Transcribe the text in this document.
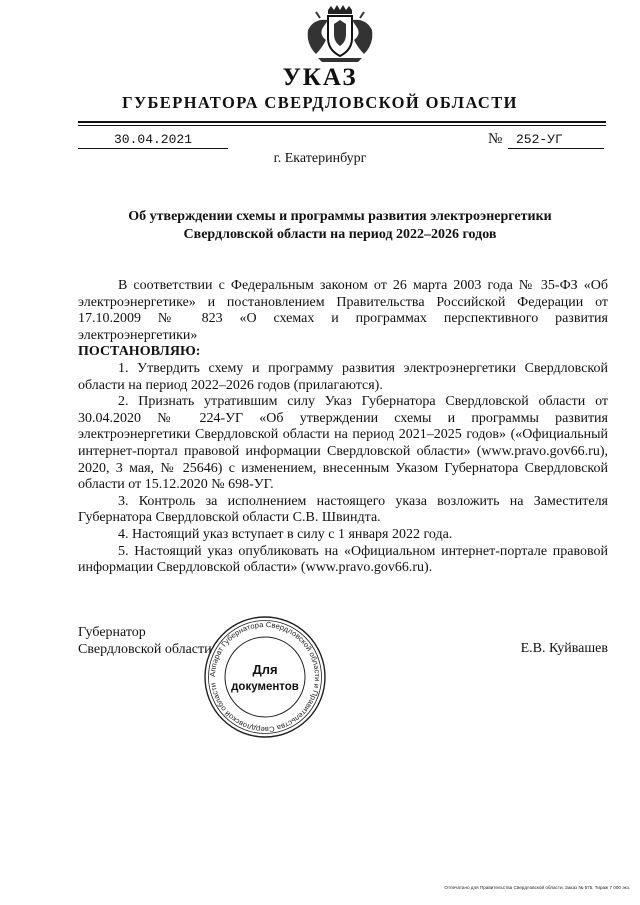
УКАЗ
ГУБЕРНАТОРА СВЕРДЛОВСКОЙ ОБЛАСТИ
30.04.2021	№	252-УГ
г. Екатеринбург
Об утверждении схемы и программы развития электроэнергетики
Свердловской области на период 2022–2026 годов

В соответствии с Федеральным законом от 26 марта 2003 года № 35-ФЗ «Об электроэнергетике» и постановлением Правительства Российской Федерации от 17.10.2009 № 823 «О схемах и программах перспективного развития электроэнергетики»

ПОСТАНОВЛЯЮ:

1. Утвердить схему и программу развития электроэнергетики Свердловской области на период 2022–2026 годов (прилагаются).

2. Признать утратившим силу Указ Губернатора Свердловской области от 30.04.2020 № 224-УГ «Об утверждении схемы и программы развития электроэнергетики Свердловской области на период 2021–2025 годов» («Официальный интернет-портал правовой информации Свердловской области» (www.pravo.gov66.ru), 2020, 3 мая, № 25646) с изменением, внесенным Указом Губернатора Свердловской области от 15.12.2020 № 698-УГ.

3. Контроль за исполнением настоящего указа возложить на Заместителя Губернатора Свердловской области С.В. Швиндта.

4. Настоящий указ вступает в силу с 1 января 2022 года.

5. Настоящий указ опубликовать на «Официальном интернет-портале правовой информации Свердловской области» (www.pravo.gov66.ru).

Губернатор
Свердловской области	Е.В. Куйвашев
Аппарат Губернатора Свердловской области и Правительства Свердловской области
Для
документов
Отпечатано для Правительства Свердловской области. Заказ № 575. Тираж 7 000 экз.
